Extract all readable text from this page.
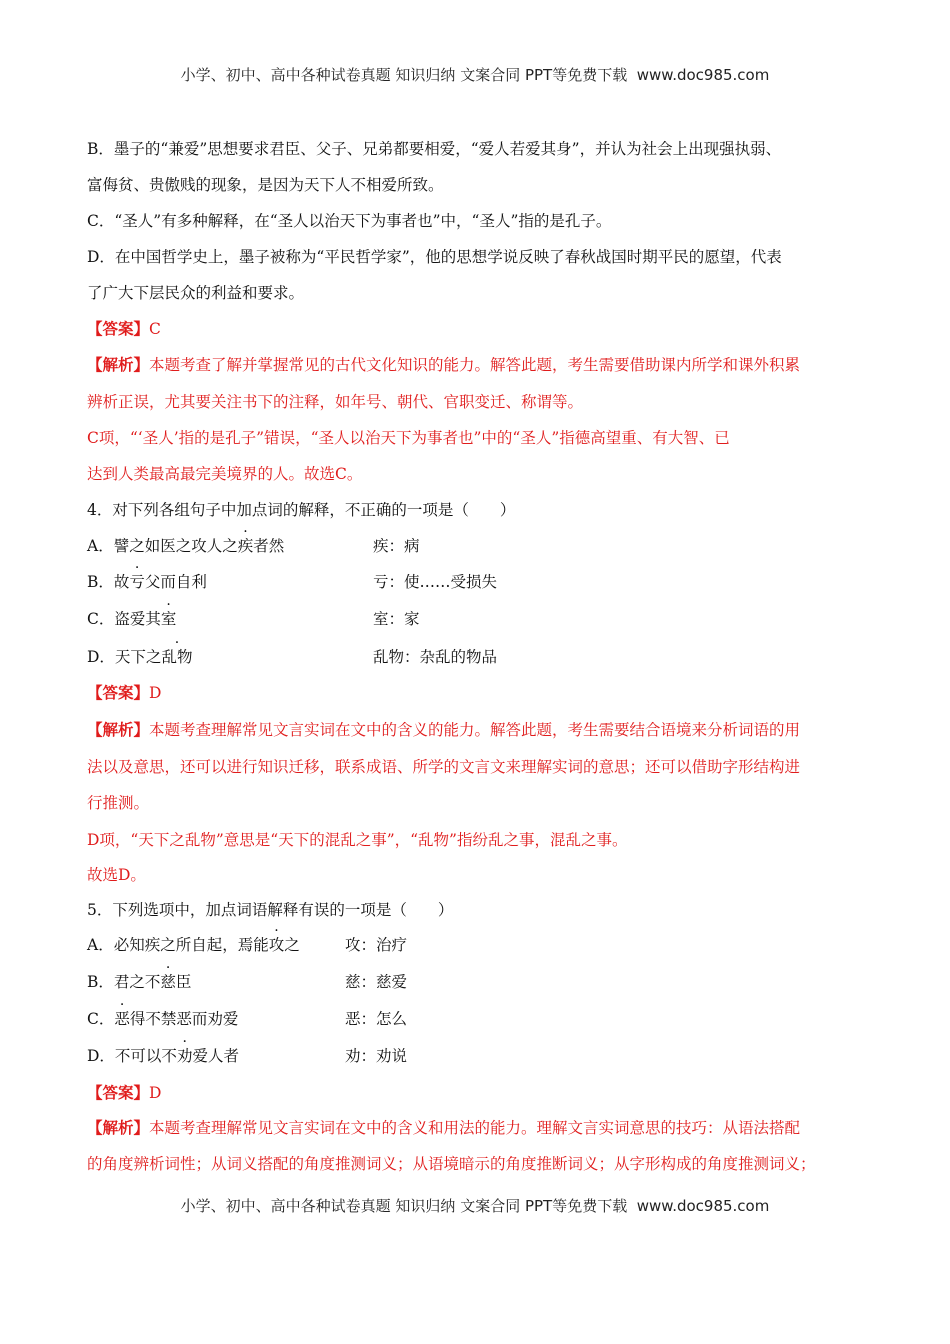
小学、初中、高中各种试卷真题 知识归纳 文案合同 PPT等免费下载 www.doc985.com
B．墨子的“兼爱”思想要求君臣、父子、兄弟都要相爱，“爱人若爱其身”，并认为社会上出现强执弱、
富侮贫、贵傲贱的现象，是因为天下人不相爱所致。
C．“圣人”有多种解释，在“圣人以治天下为事者也”中，“圣人”指的是孔子。
D．在中国哲学史上，墨子被称为“平民哲学家”，他的思想学说反映了春秋战国时期平民的愿望，代表
了广大下层民众的利益和要求。
【答案】C
【解析】本题考查了解并掌握常见的古代文化知识的能力。解答此题，考生需要借助课内所学和课外积累
辨析正误，尤其要关注书下的注释，如年号、朝代、官职变迁、称谓等。
C项，“‘圣人’指的是孔子”错误，“圣人以治天下为事者也”中的“圣人”指德高望重、有大智、已
达到人类最高最完美境界的人。故选C。
4．对下列各组句子中加点词的解释，不正确的一项是（　　）
A．譬之如医之攻人之疾者然	疾：病
B．故亏父而自利	亏：使……受损失
C．盗爱其室	室：家
D．天下之乱物	乱物：杂乱的物品
【答案】D
【解析】本题考查理解常见文言实词在文中的含义的能力。解答此题，考生需要结合语境来分析词语的用
法以及意思，还可以进行知识迁移，联系成语、所学的文言文来理解实词的意思；还可以借助字形结构进
行推测。
D项，“天下之乱物”意思是“天下的混乱之事”，“乱物”指纷乱之事，混乱之事。
故选D。
5．下列选项中，加点词语解释有误的一项是（　　）
A．必知疾之所自起，焉能攻之	攻：治疗
B．君之不慈臣	慈：慈爱
C．恶得不禁恶而劝爱	恶：怎么
D．不可以不劝爱人者	劝：劝说
【答案】D
【解析】本题考查理解常见文言实词在文中的含义和用法的能力。理解文言实词意思的技巧：从语法搭配
的角度辨析词性；从词义搭配的角度推测词义；从语境暗示的角度推断词义；从字形构成的角度推测词义；
小学、初中、高中各种试卷真题 知识归纳 文案合同 PPT等免费下载 www.doc985.com
